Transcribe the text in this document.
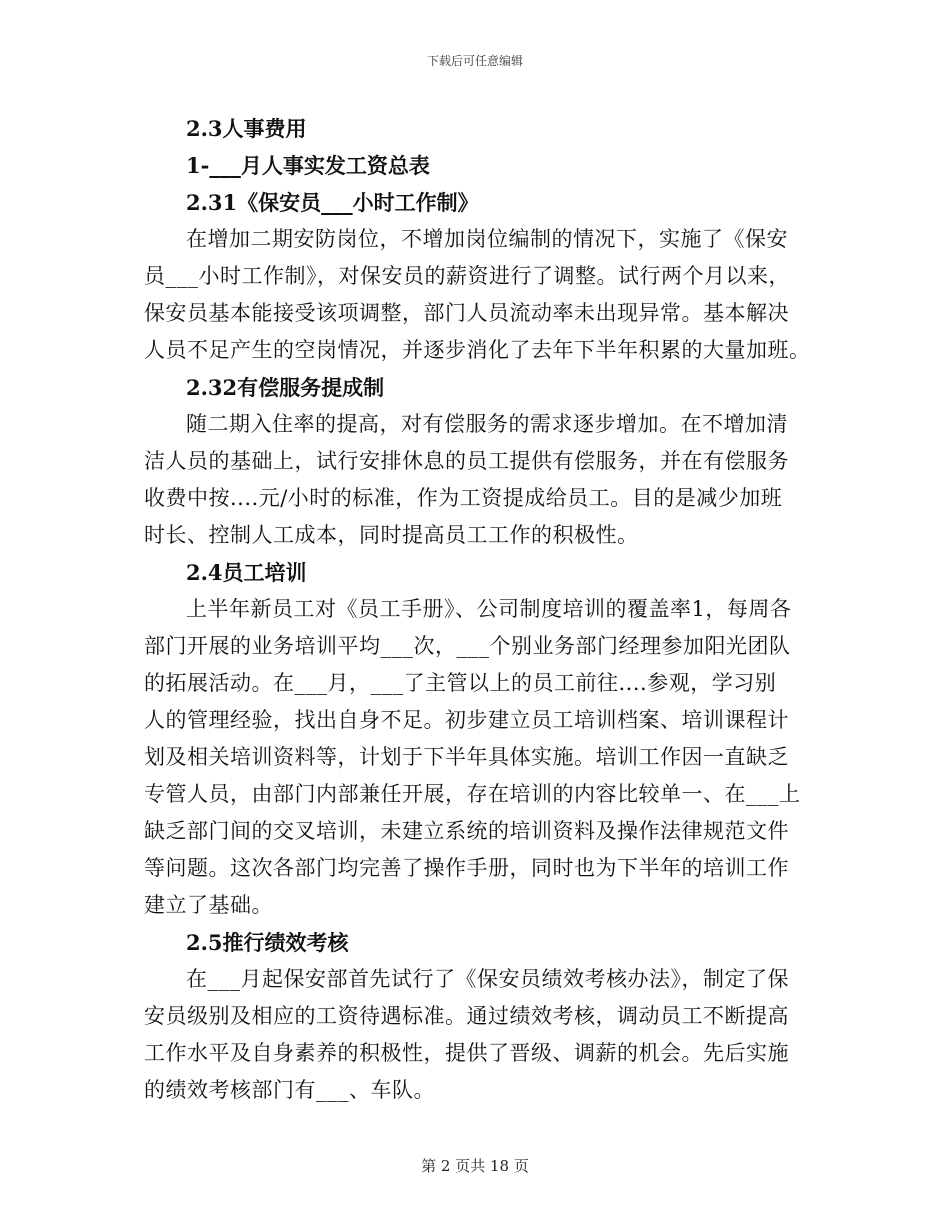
下载后可任意编辑
2.3人事费用
1-___月人事实发工资总表
2.31《保安员___小时工作制》
在增加二期安防岗位，不增加岗位编制的情况下，实施了《保安
员___小时工作制》，对保安员的薪资进行了调整。试行两个月以来，
保安员基本能接受该项调整，部门人员流动率未出现异常。基本解决
人员不足产生的空岗情况，并逐步消化了去年下半年积累的大量加班。
2.32有偿服务提成制
随二期入住率的提高，对有偿服务的需求逐步增加。在不增加清
洁人员的基础上，试行安排休息的员工提供有偿服务，并在有偿服务
收费中按....元/小时的标准，作为工资提成给员工。目的是减少加班
时长、控制人工成本，同时提高员工工作的积极性。
2.4员工培训
上半年新员工对《员工手册》、公司制度培训的覆盖率1，每周各
部门开展的业务培训平均___次，___个别业务部门经理参加阳光团队
的拓展活动。在___月，___了主管以上的员工前往....参观，学习别
人的管理经验，找出自身不足。初步建立员工培训档案、培训课程计
划及相关培训资料等，计划于下半年具体实施。培训工作因一直缺乏
专管人员，由部门内部兼任开展，存在培训的内容比较单一、在___上
缺乏部门间的交叉培训，未建立系统的培训资料及操作法律规范文件
等问题。这次各部门均完善了操作手册，同时也为下半年的培训工作
建立了基础。
2.5推行绩效考核
在___月起保安部首先试行了《保安员绩效考核办法》，制定了保
安员级别及相应的工资待遇标准。通过绩效考核，调动员工不断提高
工作水平及自身素养的积极性，提供了晋级、调薪的机会。先后实施
的绩效考核部门有___、车队。
第 2 页共 18 页
